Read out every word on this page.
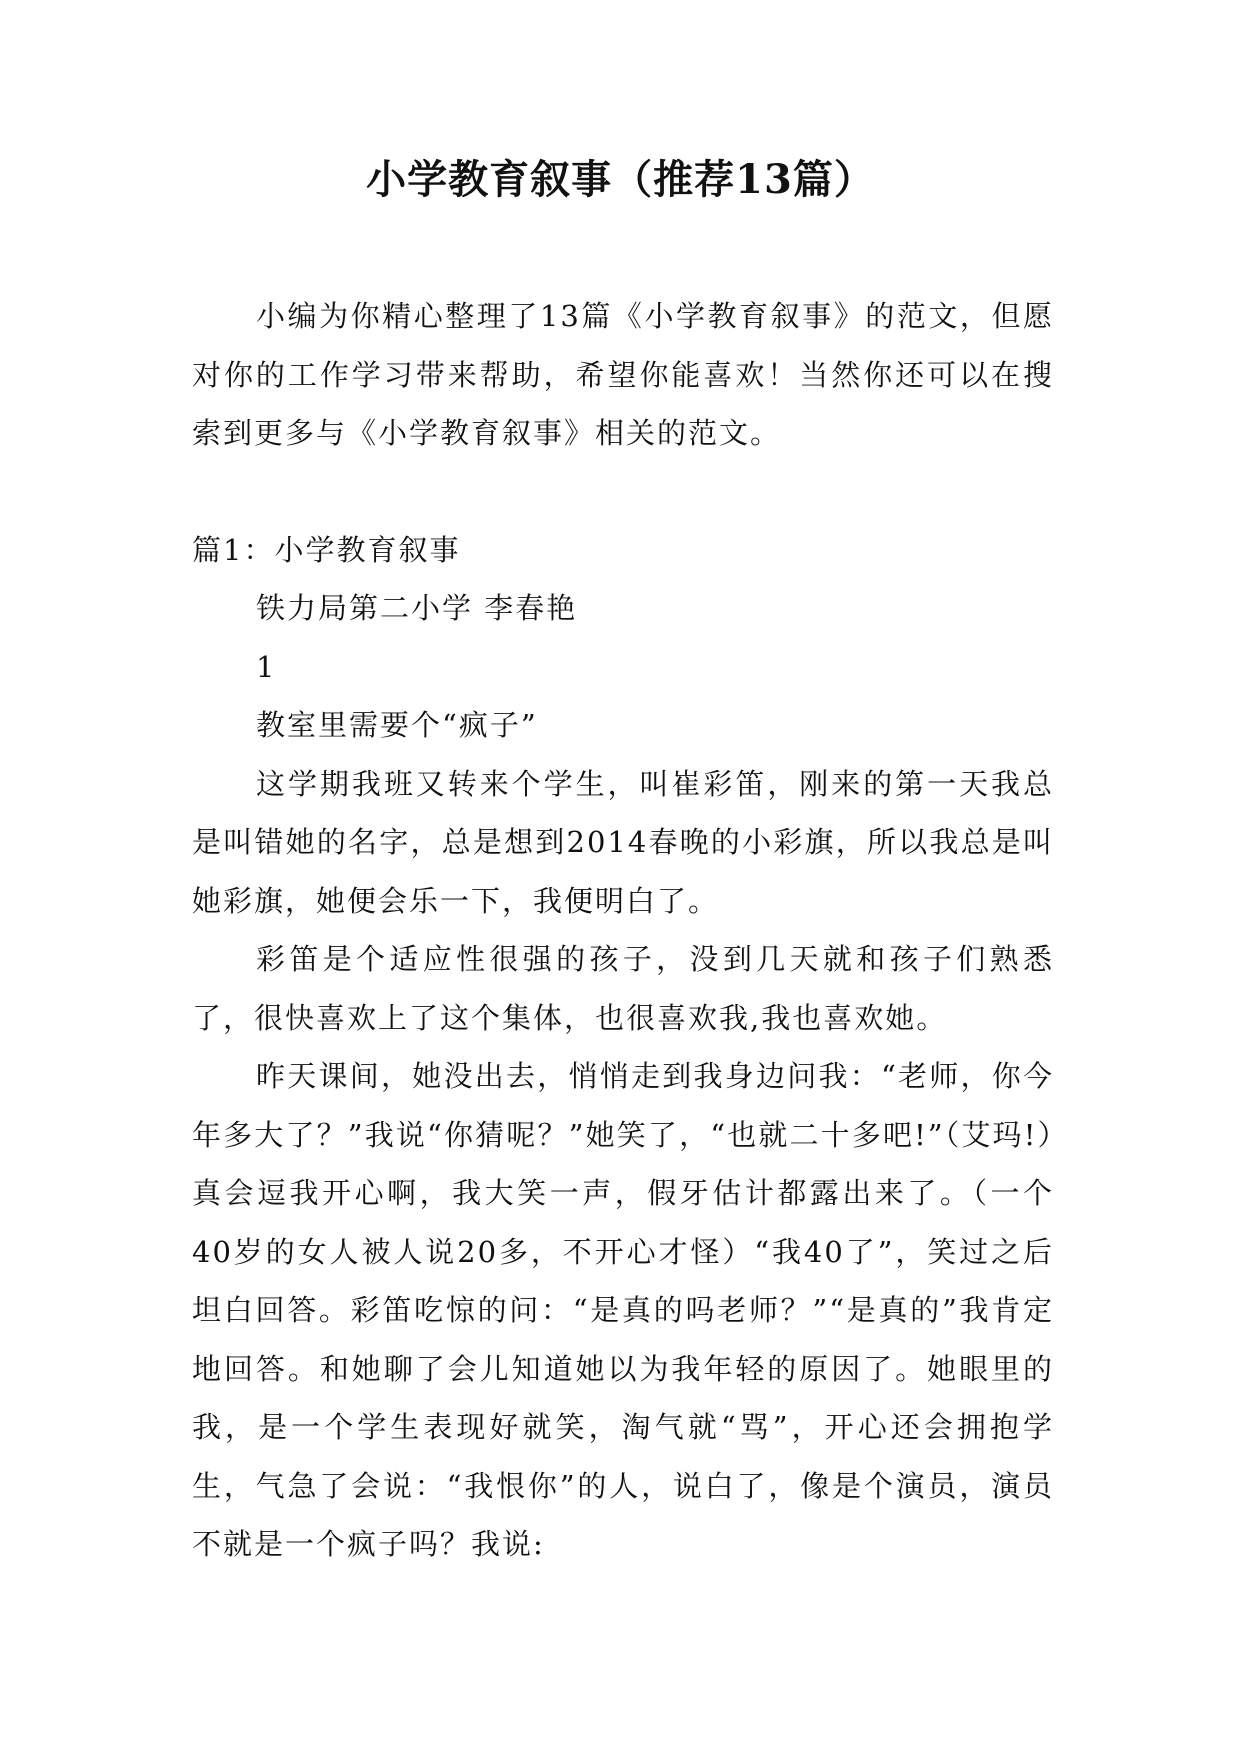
小学教育叙事（推荐13篇）

小编为你精心整理了13篇《小学教育叙事》的范文，但愿对你的工作学习带来帮助，希望你能喜欢！当然你还可以在搜索到更多与《小学教育叙事》相关的范文。

篇1：小学教育叙事

铁力局第二小学 李春艳

1

教室里需要个“疯子”

这学期我班又转来个学生，叫崔彩笛，刚来的第一天我总是叫错她的名字，总是想到2014春晚的小彩旗，所以我总是叫她彩旗，她便会乐一下，我便明白了。

彩笛是个适应性很强的孩子，没到几天就和孩子们熟悉了，很快喜欢上了这个集体，也很喜欢我,我也喜欢她。

昨天课间，她没出去，悄悄走到我身边问我：“老师，你今年多大了？”我说“你猜呢？”她笑了，“也就二十多吧!”（艾玛!）真会逗我开心啊，我大笑一声，假牙估计都露出来了。（一个40岁的女人被人说20多，不开心才怪）“我40了”，笑过之后坦白回答。彩笛吃惊的问：“是真的吗老师？”“是真的”我肯定地回答。和她聊了会儿知道她以为我年轻的原因了。她眼里的我，是一个学生表现好就笑，淘气就“骂”，开心还会拥抱学生，气急了会说：“我恨你”的人，说白了，像是个演员，演员不就是一个疯子吗？我说:
